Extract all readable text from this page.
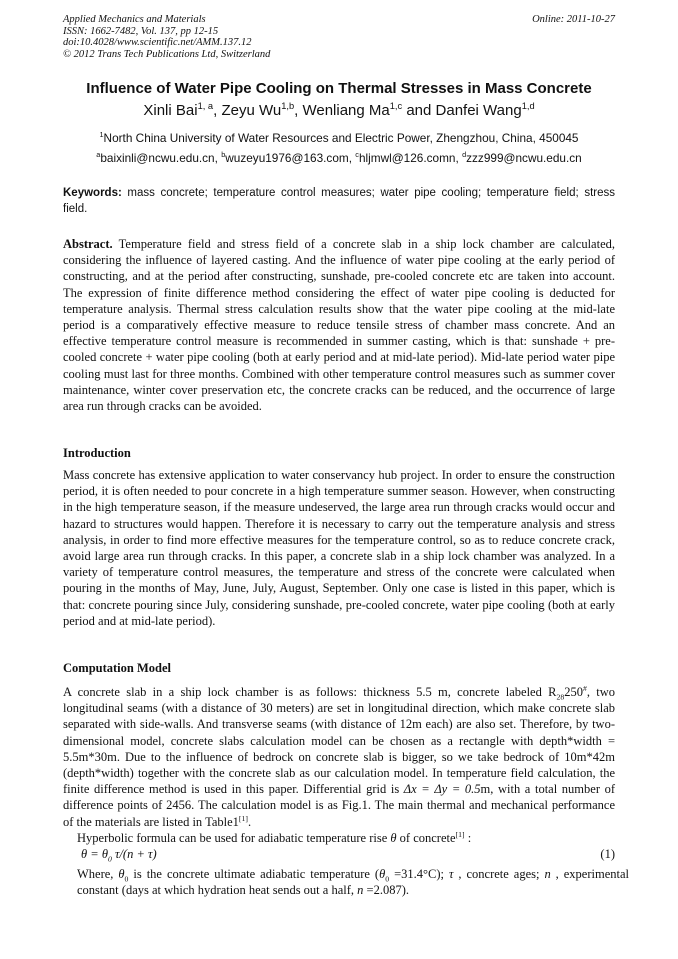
Applied Mechanics and Materials
ISSN: 1662-7482, Vol. 137, pp 12-15
doi:10.4028/www.scientific.net/AMM.137.12
© 2012 Trans Tech Publications Ltd, Switzerland
Online: 2011-10-27
Influence of Water Pipe Cooling on Thermal Stresses in Mass Concrete
Xinli Bai$^{1, a}$, Zeyu Wu$^{1,b}$, Wenliang Ma$^{1,c}$ and Danfei Wang$^{1,d}$
$^1$North China University of Water Resources and Electric Power, Zhengzhou, China, 450045
$^a$baixinli@ncwu.edu.cn, $^b$wuzeyu1976@163.com, $^c$hljmwl@126.comn, $^d$zzz999@ncwu.edu.cn
Keywords: mass concrete; temperature control measures; water pipe cooling; temperature field; stress field.
Abstract. Temperature field and stress field of a concrete slab in a ship lock chamber are calculated, considering the influence of layered casting. And the influence of water pipe cooling at the early period of constructing, and at the period after constructing, sunshade, pre-cooled concrete etc are taken into account. The expression of finite difference method considering the effect of water pipe cooling is deducted for temperature analysis. Thermal stress calculation results show that the water pipe cooling at the mid-late period is a comparatively effective measure to reduce tensile stress of chamber mass concrete. And an effective temperature control measure is recommended in summer casting, which is that: sunshade + pre-cooled concrete + water pipe cooling (both at early period and at mid-late period). Mid-late period water pipe cooling must last for three months. Combined with other temperature control measures such as summer cover maintenance, winter cover preservation etc, the concrete cracks can be reduced, and the occurrence of large area run through cracks can be avoided.
Introduction
Mass concrete has extensive application to water conservancy hub project. In order to ensure the construction period, it is often needed to pour concrete in a high temperature summer season. However, when constructing in the high temperature season, if the measure undeserved, the large area run through cracks would occur and hazard to structures would happen. Therefore it is necessary to carry out the temperature analysis and stress analysis, in order to find more effective measures for the temperature control, so as to reduce concrete crack, avoid large area run through cracks. In this paper, a concrete slab in a ship lock chamber was analyzed. In a variety of temperature control measures, the temperature and stress of the concrete were calculated when pouring in the months of May, June, July, August, September. Only one case is listed in this paper, which is that: concrete pouring since July, considering sunshade, pre-cooled concrete, water pipe cooling (both at early period and at mid-late period).
Computation Model
A concrete slab in a ship lock chamber is as follows: thickness 5.5 m, concrete labeled $R_{28}250^{\#}$, two longitudinal seams (with a distance of 30 meters) are set in longitudinal direction, which make concrete slab separated with side-walls. And transverse seams (with distance of 12m each) are also set. Therefore, by two-dimensional model, concrete slabs calculation model can be chosen as a rectangle with depth*width = 5.5m*30m. Due to the influence of bedrock on concrete slab is bigger, so we take bedrock of 10m*42m (depth*width) together with the concrete slab as our calculation model. In temperature field calculation, the finite difference method is used in this paper. Differential grid is Δx = Δy = 0.5m, with a total number of difference points of 2456. The calculation model is as Fig.1. The main thermal and mechanical performance of the materials are listed in Table1[1].
Hyperbolic formula can be used for adiabatic temperature rise θ of concrete[1] :
$\theta = \theta_0$ τ/(n + τ)	(1)
Where, $\theta_0$ is the concrete ultimate adiabatic temperature $(\theta_0 =31.4^\circ C)$; τ , concrete ages; n , experimental constant (days at which hydration heat sends out a half, n =2.087).
